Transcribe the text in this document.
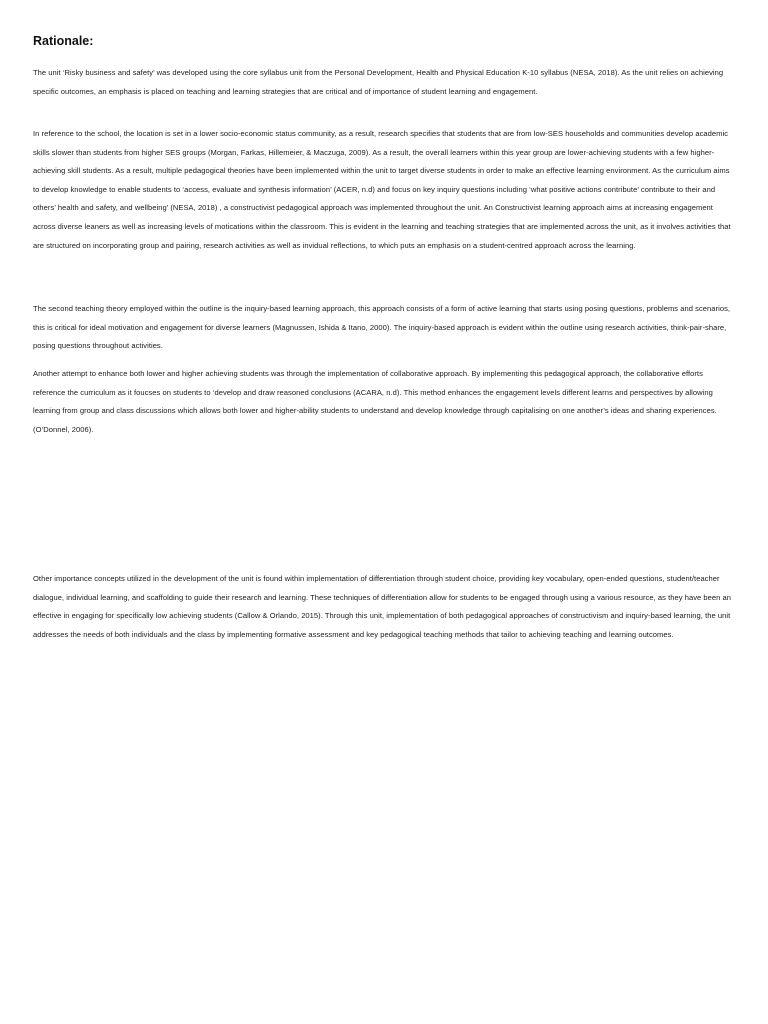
Rationale:

The unit ‘Risky business and safety’ was developed using the core syllabus unit from the Personal Development, Health and Physical Education K-10 syllabus (NESA, 2018). As the unit relies on achieving specific outcomes, an emphasis is placed on teaching and learning strategies that are critical and of importance of student learning and engagement.

In reference to the school, the location is set in a lower socio-economic status community, as a result, research specifies that students that are from low-SES households and communities develop academic skills slower than students from higher SES groups (Morgan, Farkas, Hillemeier, & Maczuga, 2009). As a result, the overall learners within this year group are lower-achieving students with a few higher-achieving skill students. As a result, multiple pedagogical theories have been implemented within the unit to target diverse students in order to make an effective learning environment. As the curriculum aims to develop knowledge to enable students to ‘access, evaluate and synthesis information’ (ACER, n.d) and focus on key inquiry questions including ‘what positive actions contribute’ contribute to their and others’ health and safety, and wellbeing’ (NESA, 2018) , a constructivist pedagogical approach was implemented throughout the unit. An Constructivist learning approach aims at increasing engagement across diverse leaners as well as increasing levels of motications within the classroom. This is evident in the learning and teaching strategies that are implemented across the unit, as it involves activities that are structured on incorporating group and pairing, research activities as well as invidual reflections, to which puts an emphasis on a student-centred approach across the learning.

The second teaching theory employed within the outline is the inquiry-based learning approach, this approach consists of a form of active learning that starts using posing questions, problems and scenarios, this is critical for ideal motivation and engagement for diverse learners (Magnussen, Ishida & Itano, 2000). The inquiry-based approach is evident within the outline using research activities, think-pair-share, posing questions throughout activities.

Another attempt to enhance both lower and higher achieving students was through the implementation of collaborative approach. By implementing this pedagogical approach, the collaborative efforts reference the curriculum as it foucses on students to ‘develop and draw reasoned conclusions (ACARA, n.d). This method enhances the engagement levels different learns and perspectives by allowing learning from group and class discussions which allows both lower and higher-ability students to understand and develop knowledge through capitalising on one another’s ideas and sharing experiences. (O’Donnel, 2006).

Other importance concepts utilized in the development of the unit is found within implementation of differentiation through student choice, providing key vocabulary, open-ended questions, student/teacher dialogue, individual learning, and scaffolding to guide their research and learning. These techniques of differentiation allow for students to be engaged through using a various resource, as they have been an effective in engaging for specifically low achieving students (Callow & Orlando, 2015). Through this unit, implementation of both pedagogical approaches of constructivism and inquiry-based learning, the unit addresses the needs of both individuals and the class by implementing formative assessment and key pedagogical teaching methods that tailor to achieving teaching and learning outcomes.
